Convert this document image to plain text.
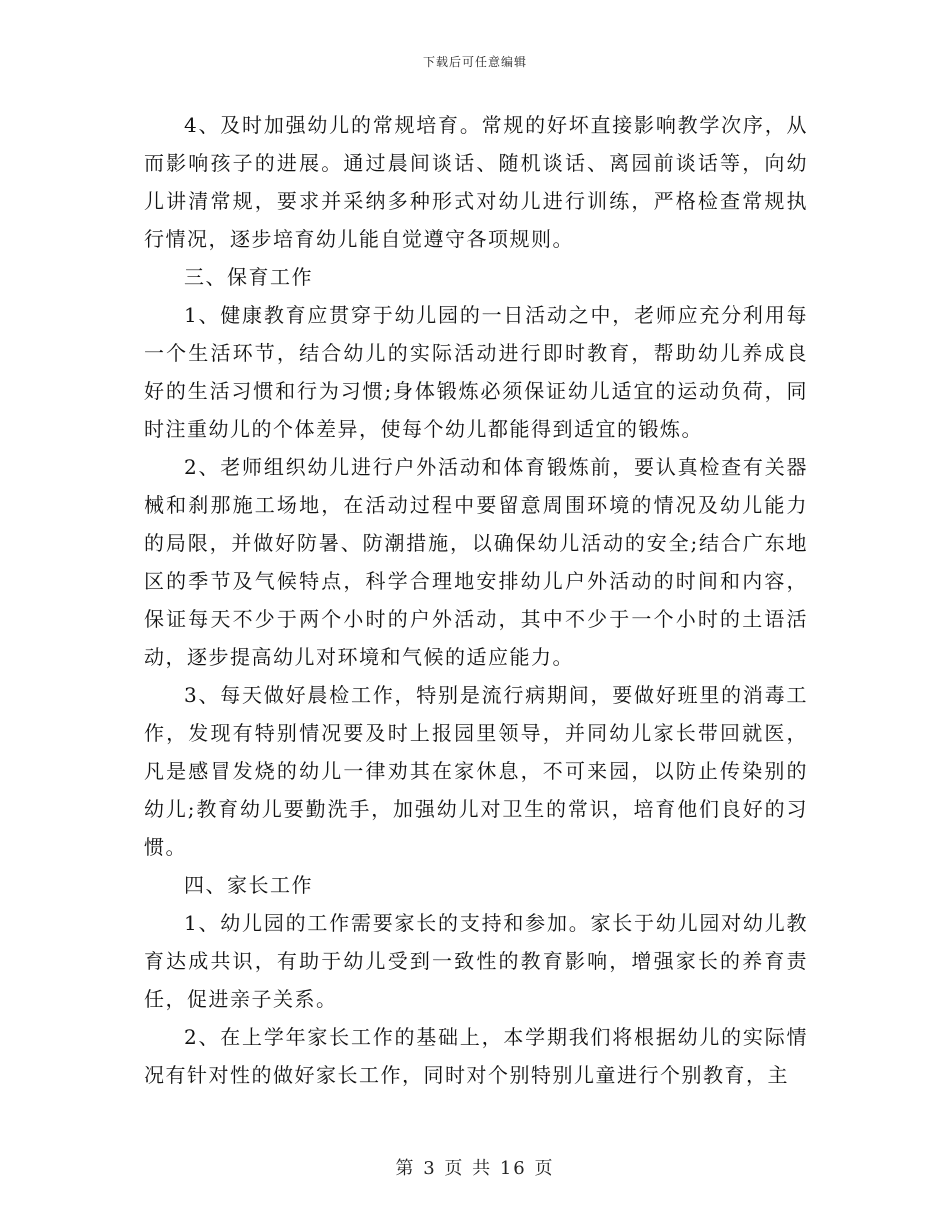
下载后可任意编辑

4、及时加强幼儿的常规培育。常规的好坏直接影响教学次序，从而影响孩子的进展。通过晨间谈话、随机谈话、离园前谈话等，向幼儿讲清常规，要求并采纳多种形式对幼儿进行训练，严格检查常规执行情况，逐步培育幼儿能自觉遵守各项规则。

三、保育工作

1、健康教育应贯穿于幼儿园的一日活动之中，老师应充分利用每一个生活环节，结合幼儿的实际活动进行即时教育，帮助幼儿养成良好的生活习惯和行为习惯;身体锻炼必须保证幼儿适宜的运动负荷，同时注重幼儿的个体差异，使每个幼儿都能得到适宜的锻炼。

2、老师组织幼儿进行户外活动和体育锻炼前，要认真检查有关器械和刹那施工场地，在活动过程中要留意周围环境的情况及幼儿能力的局限，并做好防暑、防潮措施，以确保幼儿活动的安全;结合广东地区的季节及气候特点，科学合理地安排幼儿户外活动的时间和内容，保证每天不少于两个小时的户外活动，其中不少于一个小时的土语活动，逐步提高幼儿对环境和气候的适应能力。

3、每天做好晨检工作，特别是流行病期间，要做好班里的消毒工作，发现有特别情况要及时上报园里领导，并同幼儿家长带回就医，凡是感冒发烧的幼儿一律劝其在家休息，不可来园，以防止传染别的幼儿;教育幼儿要勤洗手，加强幼儿对卫生的常识，培育他们良好的习惯。

四、家长工作

1、幼儿园的工作需要家长的支持和参加。家长于幼儿园对幼儿教育达成共识，有助于幼儿受到一致性的教育影响，增强家长的养育责任，促进亲子关系。

2、在上学年家长工作的基础上，本学期我们将根据幼儿的实际情况有针对性的做好家长工作，同时对个别特别儿童进行个别教育，主

第 3 页 共 16 页
